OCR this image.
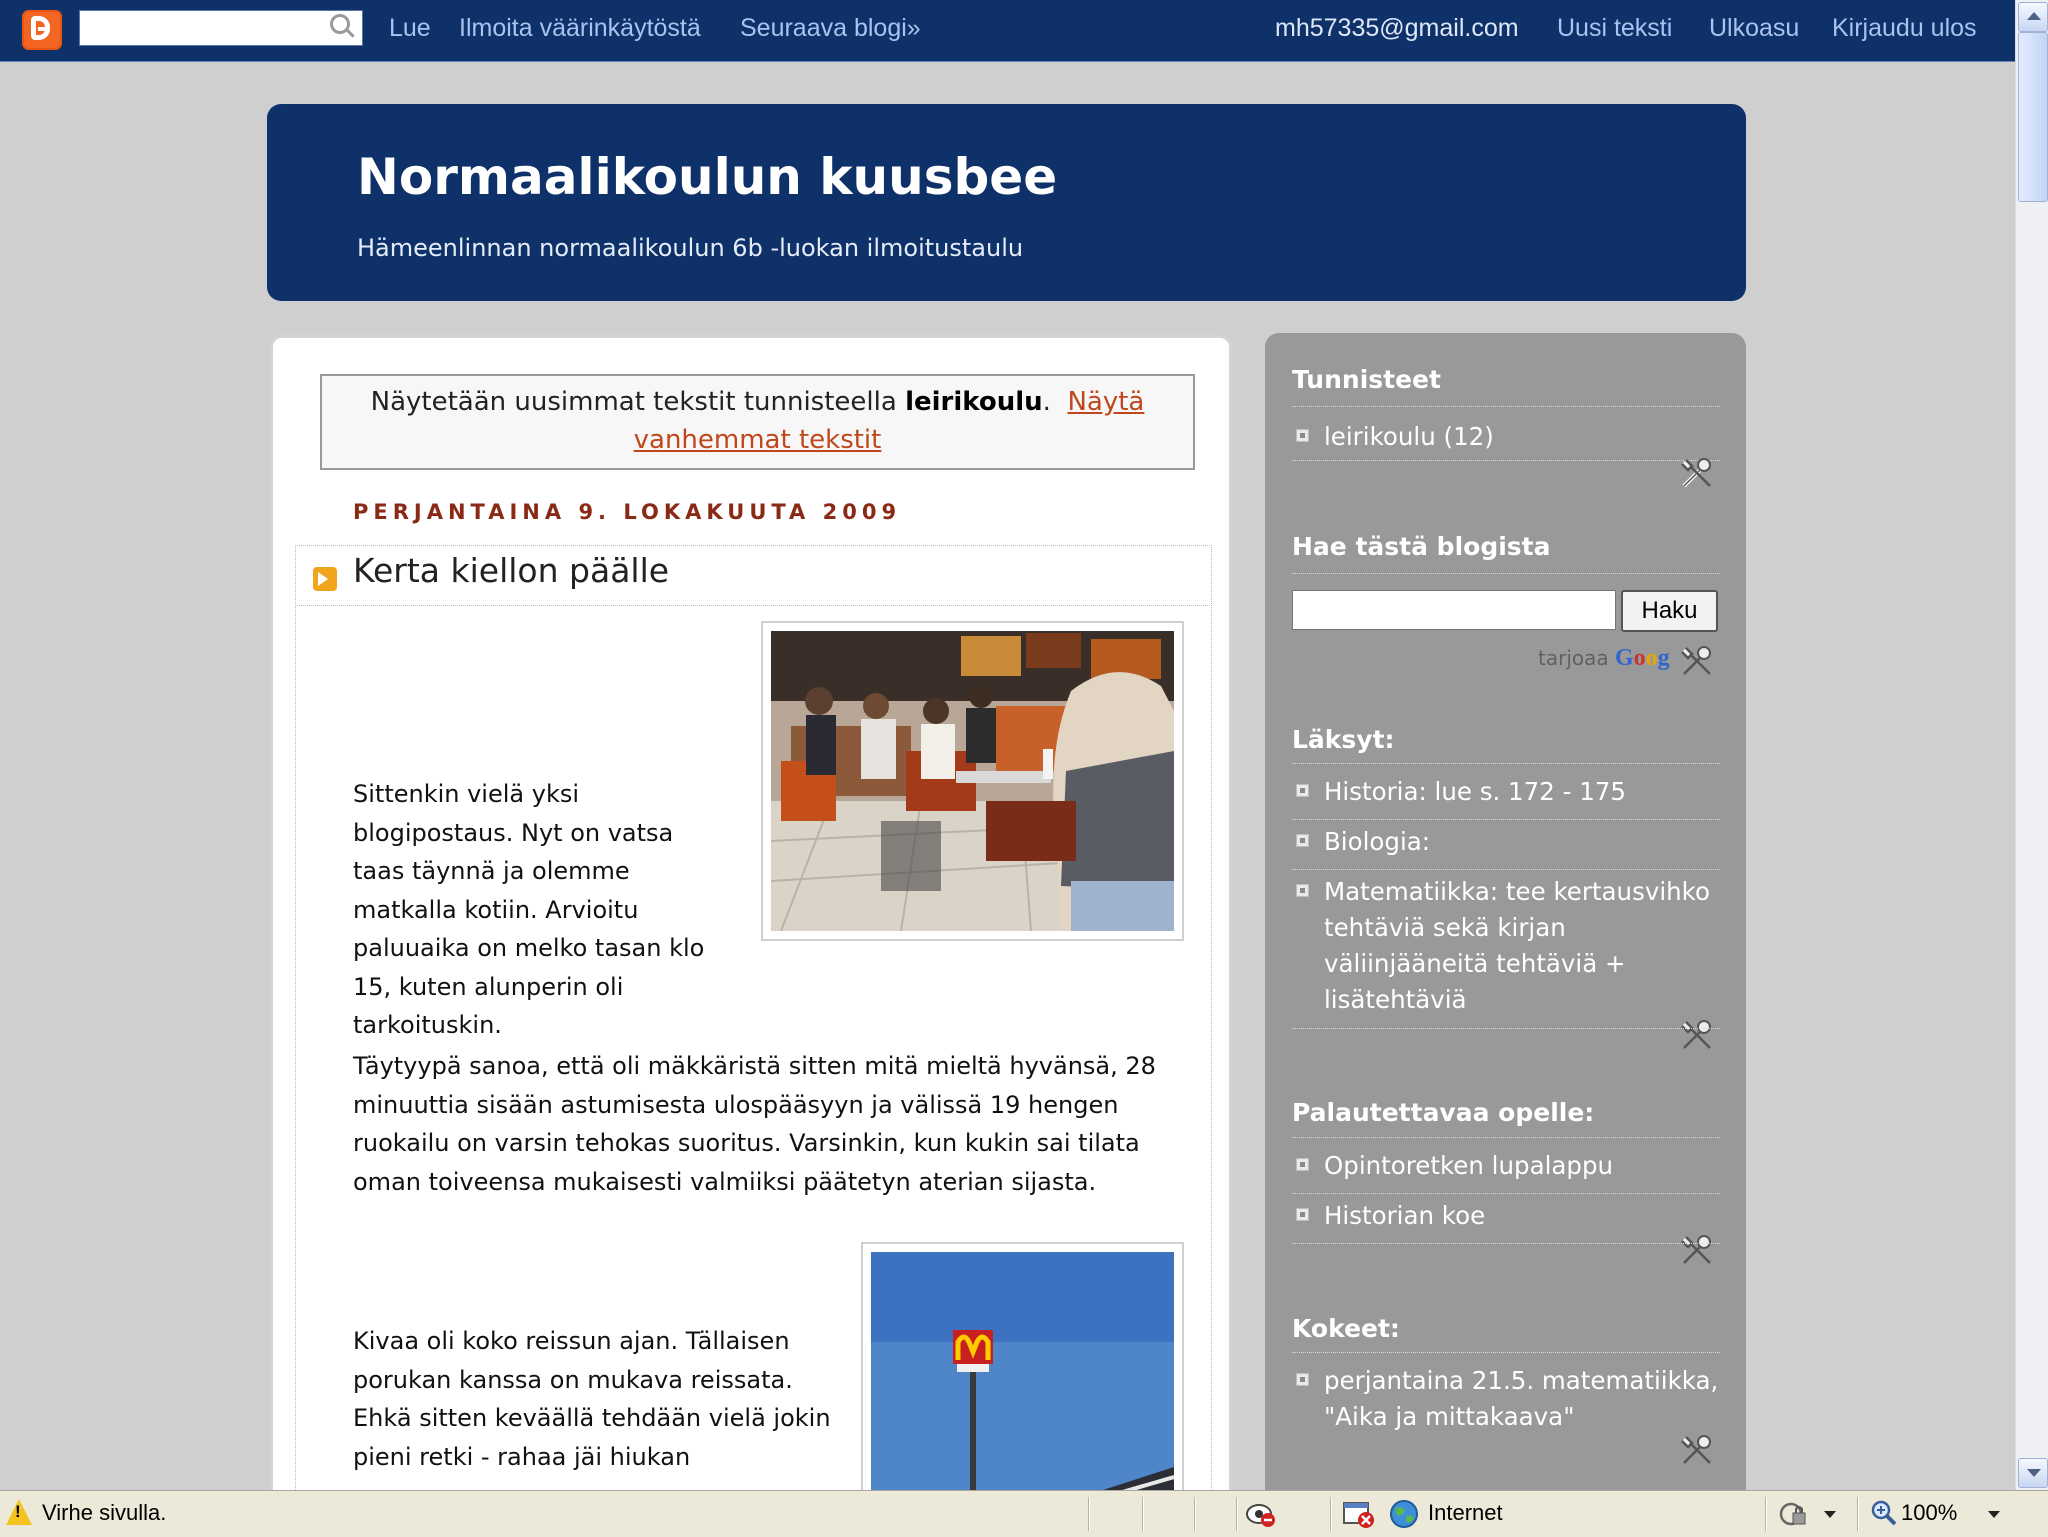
Lue Ilmoita väärinkäytöstä Seuraava blogi»	mh57335@gmail.com Uusi teksti Ulkoasu Kirjaudu ulos
Normaalikoulun kuusbee
Hämeenlinnan normaalikoulun 6b -luokan ilmoitustaulu
Näytetään uusimmat tekstit tunnisteella leirikoulu. Näytä
vanhemmat tekstit
PERJANTAINA 9. LOKAKUUTA 2009
Kerta kiellon päälle
Sittenkin vielä yksi blogipostaus. Nyt on vatsa taas täynnä ja olemme matkalla kotiin. Arvioitu paluuaika on melko tasan klo 15, kuten alunperin oli tarkoituskin.
Täytyypä sanoa, että oli mäkkäristä sitten mitä mieltä hyvänsä, 28 minuuttia sisään astumisesta ulospääsyyn ja välissä 19 hengen ruokailu on varsin tehokas suoritus. Varsinkin, kun kukin sai tilata oman toiveensa mukaisesti valmiiksi päätetyn aterian sijasta.
Kivaa oli koko reissun ajan. Tällaisen porukan kanssa on mukava reissata. Ehkä sitten keväällä tehdään vielä jokin pieni retki - rahaa jäi hiukan
Tunnisteet
leirikoulu (12)
Hae tästä blogista
Haku
tarjoaa Goog
Läksyt:
Historia: lue s. 172 - 175
Biologia:
Matematiikka: tee kertausvihko tehtäviä sekä kirjan väliinjääneitä tehtäviä + lisätehtäviä
Palautettavaa opelle:
Opintoretken lupalappu
Historian koe
Kokeet:
perjantaina 21.5. matematiikka, "Aika ja mittakaava"
! Virhe sivulla.	Internet	100%
